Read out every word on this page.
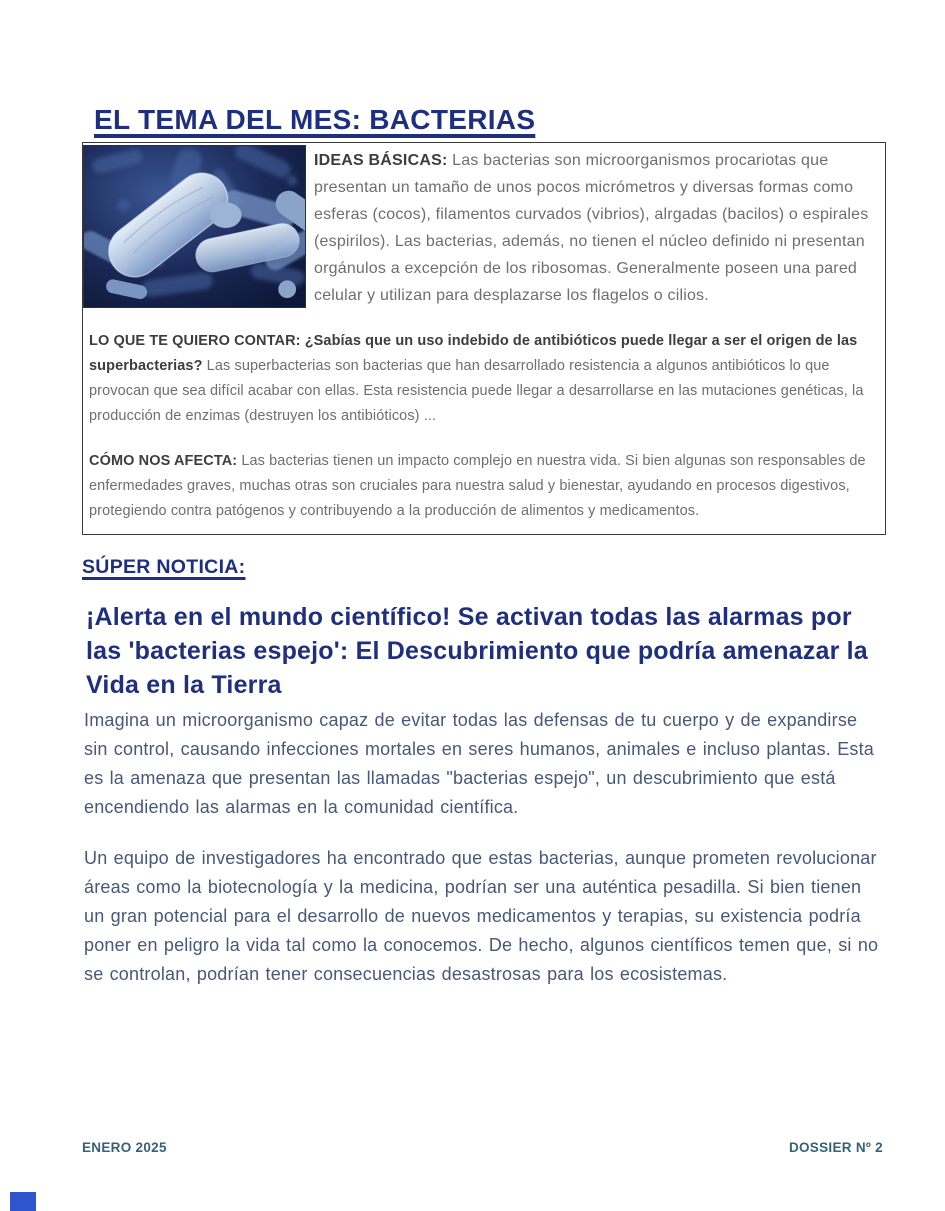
EL TEMA DEL MES: BACTERIAS

IDEAS BÁSICAS: Las bacterias son microorganismos procariotas que presentan un tamaño de unos pocos micrómetros y diversas formas como esferas (cocos), filamentos curvados (vibrios), alrgadas (bacilos) o espirales (espirilos). Las bacterias, además, no tienen el núcleo definido ni presentan orgánulos a excepción de los ribosomas. Generalmente poseen una pared celular y utilizan para desplazarse los flagelos o cilios.

LO QUE TE QUIERO CONTAR: ¿Sabías que un uso indebido de antibióticos puede llegar a ser el origen de las superbacterias? Las superbacterias son bacterias que han desarrollado resistencia a algunos antibióticos lo que provocan que sea difícil acabar con ellas. Esta resistencia puede llegar a desarrollarse en las mutaciones genéticas, la producción de enzimas (destruyen los antibióticos) ...

CÓMO NOS AFECTA: Las bacterias tienen un impacto complejo en nuestra vida. Si bien algunas son responsables de enfermedades graves, muchas otras son cruciales para nuestra salud y bienestar, ayudando en procesos digestivos, protegiendo contra patógenos y contribuyendo a la producción de alimentos y medicamentos.

SÚPER NOTICIA:
¡Alerta en el mundo científico! Se activan todas las alarmas por las 'bacterias espejo': El Descubrimiento que podría amenazar la Vida en la Tierra

Imagina un microorganismo capaz de evitar todas las defensas de tu cuerpo y de expandirse sin control, causando infecciones mortales en seres humanos, animales e incluso plantas. Esta es la amenaza que presentan las llamadas "bacterias espejo", un descubrimiento que está encendiendo las alarmas en la comunidad científica.

Un equipo de investigadores ha encontrado que estas bacterias, aunque prometen revolucionar áreas como la biotecnología y la medicina, podrían ser una auténtica pesadilla. Si bien tienen un gran potencial para el desarrollo de nuevos medicamentos y terapias, su existencia podría poner en peligro la vida tal como la conocemos. De hecho, algunos científicos temen que, si no se controlan, podrían tener consecuencias desastrosas para los ecosistemas.

ENERO 2025	DOSSIER Nº 2
